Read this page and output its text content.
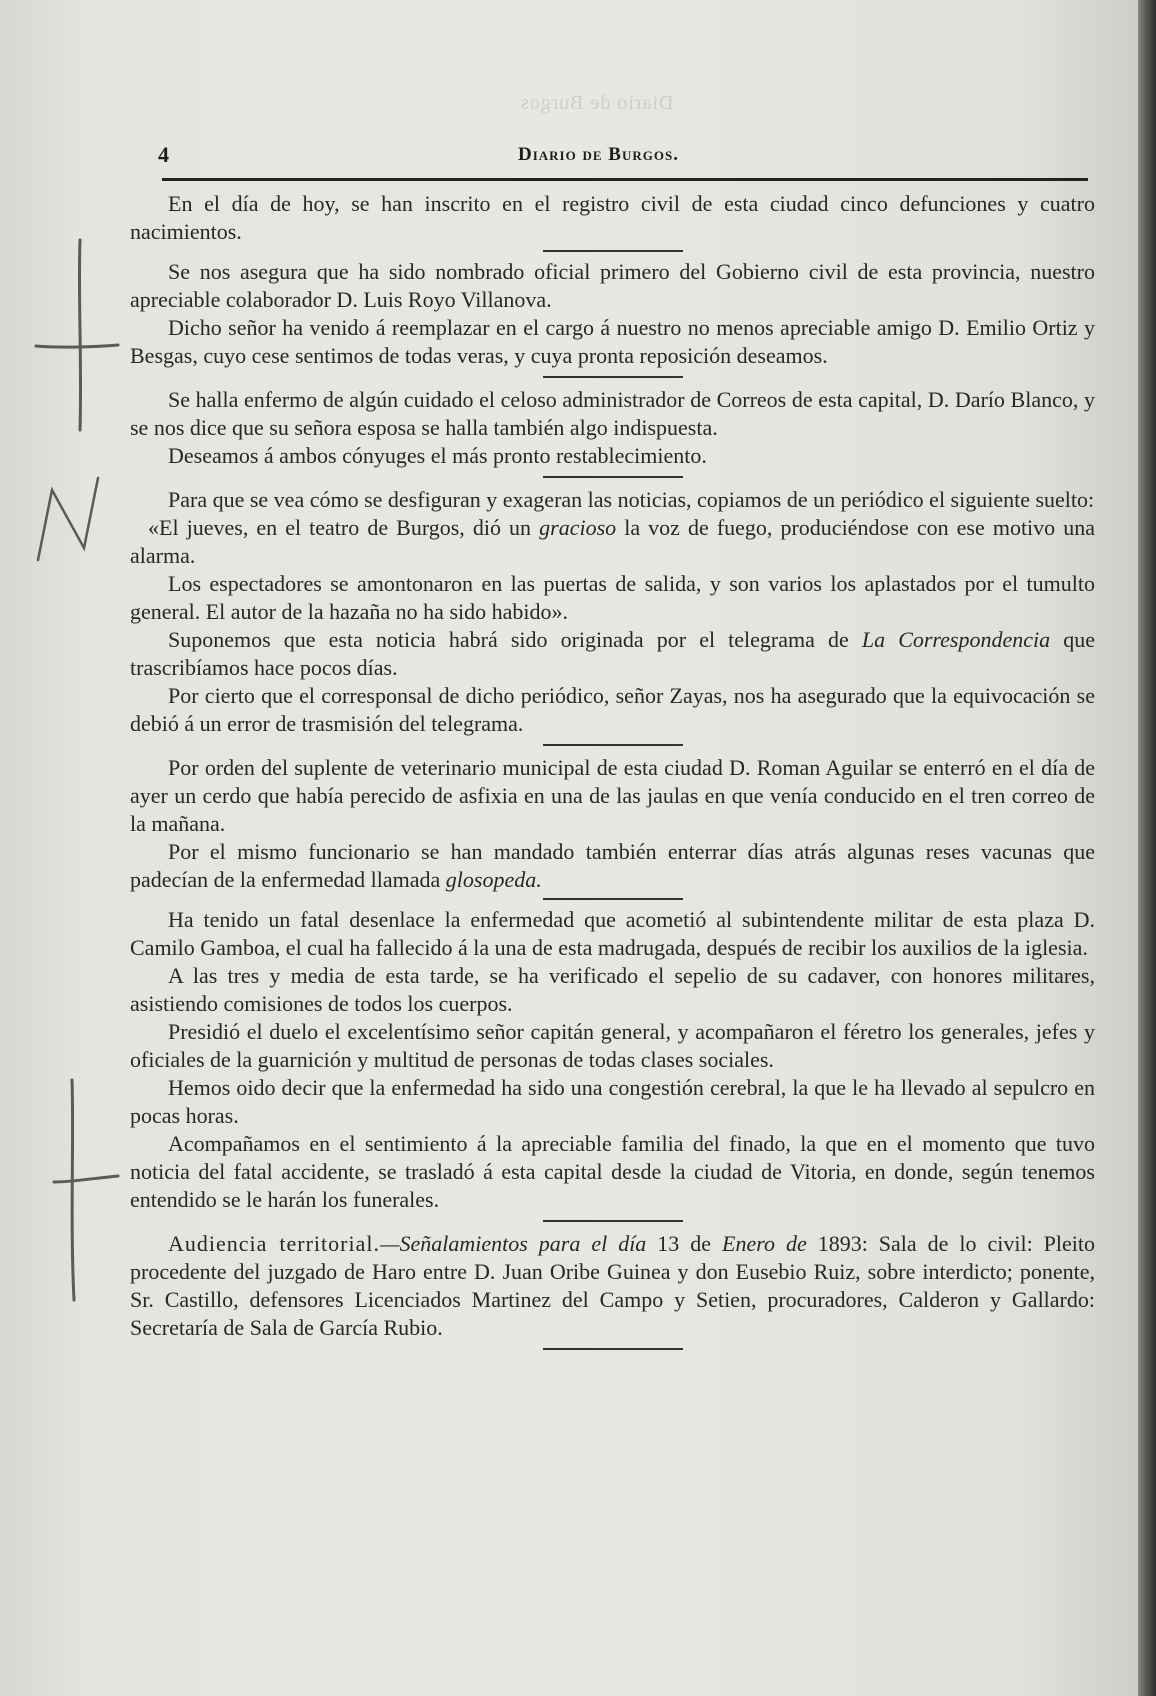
Diario de Burgos
4	Diario de Burgos.

En el día de hoy, se han inscrito en el registro civil de esta ciudad cinco defunciones y cuatro nacimientos.

Se nos asegura que ha sido nombrado oficial primero del Gobierno civil de esta provincia, nuestro apreciable colaborador D. Luis Royo Villanova.

Dicho señor ha venido á reemplazar en el cargo á nuestro no menos apreciable amigo D. Emilio Ortiz y Besgas, cuyo cese sentimos de todas veras, y cuya pronta reposición deseamos.

Se halla enfermo de algún cuidado el celoso administrador de Correos de esta capital, D. Darío Blanco, y se nos dice que su señora esposa se halla también algo indispuesta.

Deseamos á ambos cónyuges el más pronto restablecimiento.

Para que se vea cómo se desfiguran y exageran las noticias, copiamos de un periódico el siguiente suelto:

«El jueves, en el teatro de Burgos, dió un gracioso la voz de fuego, produciéndose con ese motivo una alarma.

Los espectadores se amontonaron en las puertas de salida, y son varios los aplastados por el tumulto general. El autor de la hazaña no ha sido habido».

Suponemos que esta noticia habrá sido originada por el telegrama de La Correspondencia que trascribíamos hace pocos días.

Por cierto que el corresponsal de dicho periódico, señor Zayas, nos ha asegurado que la equivocación se debió á un error de trasmisión del telegrama.

Por orden del suplente de veterinario municipal de esta ciudad D. Roman Aguilar se enterró en el día de ayer un cerdo que había perecido de asfixia en una de las jaulas en que venía conducido en el tren correo de la mañana.

Por el mismo funcionario se han mandado también enterrar días atrás algunas reses vacunas que padecían de la enfermedad llamada glosopeda.

Ha tenido un fatal desenlace la enfermedad que acometió al subintendente militar de esta plaza D. Camilo Gamboa, el cual ha fallecido á la una de esta madrugada, después de recibir los auxilios de la iglesia.

A las tres y media de esta tarde, se ha verificado el sepelio de su cadaver, con honores militares, asistiendo comisiones de todos los cuerpos.

Presidió el duelo el excelentísimo señor capitán general, y acompañaron el féretro los generales, jefes y oficiales de la guarnición y multitud de personas de todas clases sociales.

Hemos oido decir que la enfermedad ha sido una congestión cerebral, la que le ha llevado al sepulcro en pocas horas.

Acompañamos en el sentimiento á la apreciable familia del finado, la que en el momento que tuvo noticia del fatal accidente, se trasladó á esta capital desde la ciudad de Vitoria, en donde, según tenemos entendido se le harán los funerales.

Audiencia territorial.—Señalamientos para el día 13 de Enero de 1893: Sala de lo civil: Pleito procedente del juzgado de Haro entre D. Juan Oribe Guinea y don Eusebio Ruiz, sobre interdicto; ponente, Sr. Castillo, defensores Licenciados Martinez del Campo y Setien, procuradores, Calderon y Gallardo: Secretaría de Sala de García Rubio.
